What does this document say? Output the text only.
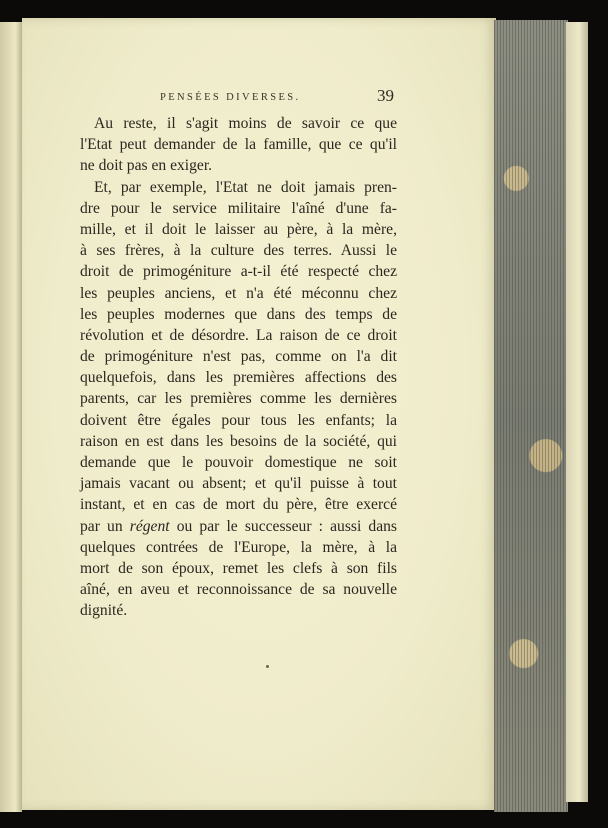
PENSÉES DIVERSES.	39
Au reste, il s'agit moins de savoir ce que
l'Etat peut demander de la famille, que ce qu'il
ne doit pas en exiger.
Et, par exemple, l'Etat ne doit jamais pren-
dre pour le service militaire l'aîné d'une fa-
mille, et il doit le laisser au père, à la mère,
à ses frères, à la culture des terres. Aussi le
droit de primogéniture a-t-il été respecté chez
les peuples anciens, et n'a été méconnu chez
les peuples modernes que dans des temps de
révolution et de désordre. La raison de ce droit
de primogéniture n'est pas, comme on l'a dit
quelquefois, dans les premières affections des
parents, car les premières comme les dernières
doivent être égales pour tous les enfants; la
raison en est dans les besoins de la société, qui
demande que le pouvoir domestique ne soit
jamais vacant ou absent; et qu'il puisse à tout
instant, et en cas de mort du père, être exercé
par un régent ou par le successeur : aussi dans
quelques contrées de l'Europe, la mère, à la
mort de son époux, remet les clefs à son fils
aîné, en aveu et reconnoissance de sa nouvelle
dignité.
